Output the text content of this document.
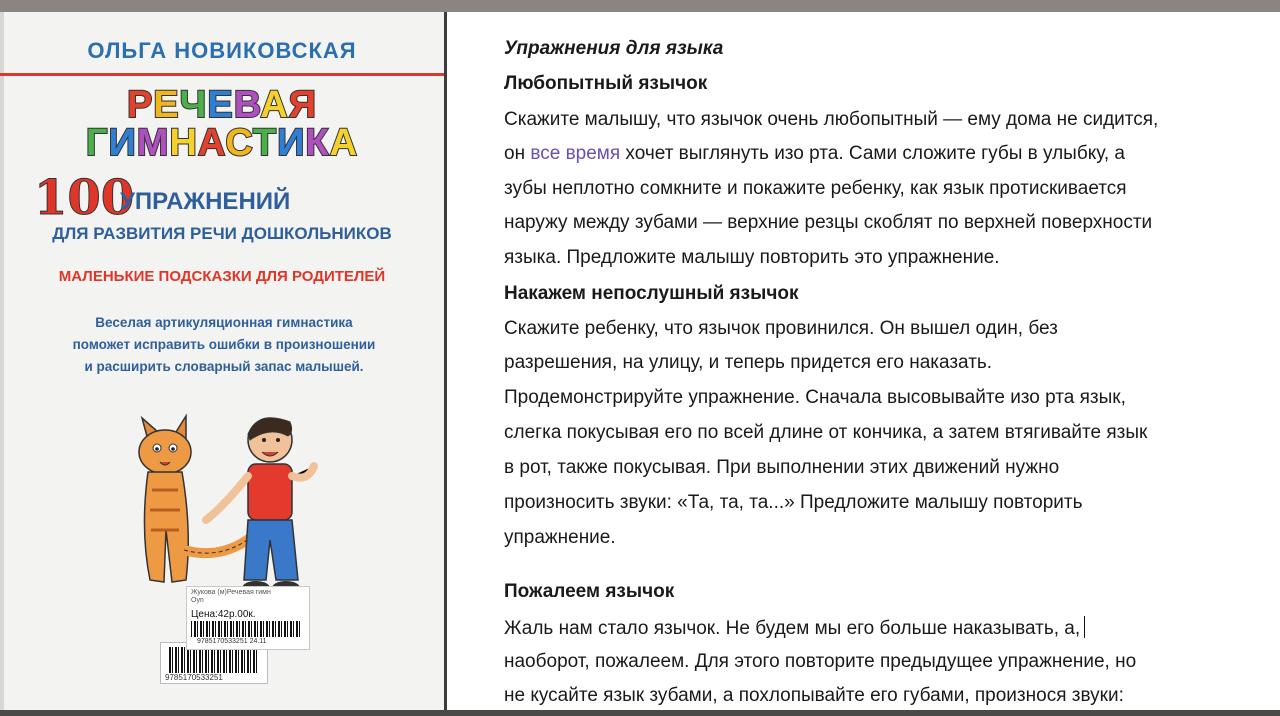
ОЛЬГА НОВИКОВСКАЯ
РЕЧЕВАЯ
ГИМНАСТИКА
100
УПРАЖНЕНИЙ
ДЛЯ РАЗВИТИЯ РЕЧИ ДОШКОЛЬНИКОВ
МАЛЕНЬКИЕ ПОДСКАЗКИ ДЛЯ РОДИТЕЛЕЙ
Веселая артикуляционная гимнастика
поможет исправить ошибки в произношении
и расширить словарный запас малышей.
9785170533251
Жукова (м)Речевая гимн
Оуп
Цена:42р.00к.
9785170533251 24.11
Упражнения для языка
Любопытный язычок
Скажите малышу, что язычок очень любопытный — ему дома не сидится,
он все время хочет выглянуть изо рта. Сами сложите губы в улыбку, а
зубы неплотно сомкните и покажите ребенку, как язык протискивается
наружу между зубами — верхние резцы скоблят по верхней поверхности
языка. Предложите малышу повторить это упражнение.
Накажем непослушный язычок
Скажите ребенку, что язычок провинился. Он вышел один, без
разрешения, на улицу, и теперь придется его наказать.
Продемонстрируйте упражнение. Сначала высовывайте изо рта язык,
слегка покусывая его по всей длине от кончика, а затем втягивайте язык
в рот, также покусывая. При выполнении этих движений нужно
произносить звуки: «Та, та, та...» Предложите малышу повторить
упражнение.
Пожалеем язычок
Жаль нам стало язычок. Не будем мы его больше наказывать, а,
наоборот, пожалеем. Для этого повторите предыдущее упражнение, но
не кусайте язык зубами, а похлопывайте его губами, произнося звуки:
